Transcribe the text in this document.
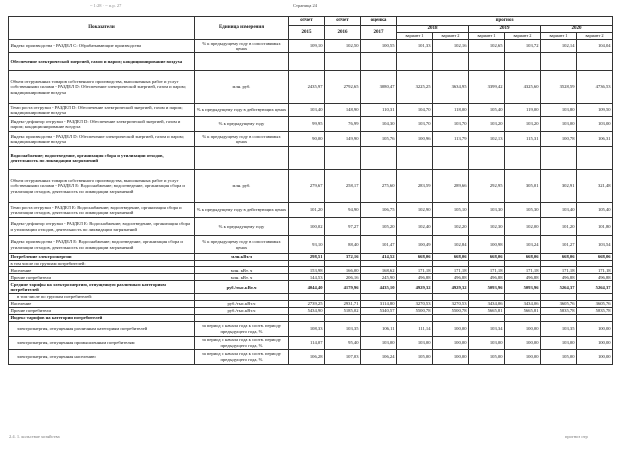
~ 1:28 · ~ п.р. 27	Страница 24
Показатели	Единица измерения	отчет	отчет	оценка	прогноз					
		2015	2016	2017	2018		2019		2020	
					вариант 1	вариант 2	вариант 1	вариант 2	вариант 1	вариант 2
Индекс производства - РАЗДЕЛ С: Обрабатывающие производства	% к предыдущему году в сопоставимых ценах	109,10	102,50	100,55	101,33	102,16	102,65	103,72	102,14	104,04
Обеспечение электрической энергией, газом и паром; кондиционирование воздуха										
Объем отгруженных товаров собственного производства, выполненных работ и услуг собственными силами - РАЗДЕЛ D: Обеспечение электрической энергией, газом и паром; кондиционирование воздуха	млн. руб.	2435,97	2792,65	3080,47	3225,25	3634,95	3399,42	4325,60	3528,59	4736,53
Темп роста отгрузки - РАЗДЕЛ D: Обеспечение электрической энергией, газом и паром; кондиционирование воздуха	% к предыдущему году в действующих ценах	103,40	148,90	110,31	104,70	118,00	105,40	119,00	103,80	109,50
Индекс-дефлятор отгрузки - РАЗДЕЛ D: Обеспечение электрической энергией, газом и паром; кондиционирование воздуха	% к предыдущему году	99,95	76,99	104,30	103,70	103,70	103,20	103,20	103,00	103,00
Индекс производства - РАЗДЕЛ D: Обеспечение электрической энергией, газом и паром; кондиционирование воздуха	% к предыдущему году в сопоставимых ценах	90,00	149,90	105,76	100,96	113,79	102,13	115,31	100,78	106,31
Водоснабжение; водоотведение, организация сбора и утилизации отходов, деятельность по ликвидации загрязнений										
Объем отгруженных товаров собственного производства, выполненных работ и услуг собственными силами - РАЗДЕЛ Е: Водоснабжение; водоотведение, организация сбора и утилизации отходов, деятельность по ликвидации загрязнений	млн. руб.	279,67	258,17	275,60	283,59	289,66	292,95	305,01	302,91	321,48
Темп роста отгрузки - РАЗДЕЛ Е: Водоснабжение; водоотведение, организация сбора и утилизации отходов, деятельность по ликвидации загрязнений	% к предыдущему году в действующих ценах	101,20	94,90	106,75	102,90	105,10	103,30	105,30	103,40	105,40
Индекс-дефлятор отгрузки - РАЗДЕЛ Е: Водоснабжение; водоотведение, организация сбора и утилизации отходов, деятельность по ликвидации загрязнений	% к предыдущему году	100,02	97,27	105,20	102,40	102,20	102,30	102,00	101,20	101,80
Индекс производства - РАЗДЕЛ Е: Водоснабжение; водоотведение, организация сбора и утилизации отходов, деятельность по ликвидации загрязнений	% к предыдущему году в сопоставимых ценах	93,10	88,40	101,47	100,49	102,84	100,98	103,24	101,27	103,54
Потребление электроэнергии	млн.кВт.ч	298,51	372,16	414,52	668,06	668,06	668,06	668,06	668,06	668,06
в том числе по группам потребителей:										
Население	млн. кВт. ч	153,98	166,00	168,62	171,18	171,18	171,18	171,18	171,18	171,18
Прочие потребители	млн. кВт. ч	144,53	206,16	245,90	496,88	496,88	496,88	496,88	496,88	496,88
Средние тарифы на электроэнергию, отпущенную различным категориям потребителей	руб./тыс.кВт.ч	4044,40	4179,96	4435,10	4929,32	4929,32	5093,96	5093,96	5264,37	5264,37
в том числе по группам потребителей:										
Население	руб./тыс.кВт.ч	2739,25	2931,71	3114,80	3270,53	3270,53	3434,06	3434,06	3605,76	3605,76
Прочие потребители	руб./тыс.кВт.ч	5434,90	5185,02	5340,57	5500,78	5500,78	5665,81	5665,81	5835,78	5835,78
Индекс тарифов на категории потребителей										
электроэнергия, отпущенная различным категориям потребителей	за период с начала года к соотв. периоду предыдущего года, %	108,33	103,35	106,11	111,14	100,00	103,34	100,00	103,35	100,00
электроэнергия, отпущенная промышленным потребителям	за период с начала года к соотв. периоду предыдущего года, %	114,07	95,40	103,00	103,00	100,00	103,00	100,00	103,00	100,00
электроэнергия, отпущенная населению	за период с начала года к соотв. периоду предыдущего года, %	106,28	107,03	106,24	105,00	100,00	105,00	100,00	105,00	100,00
2.4. 1. кольствае хозяйства	прогноз отр
